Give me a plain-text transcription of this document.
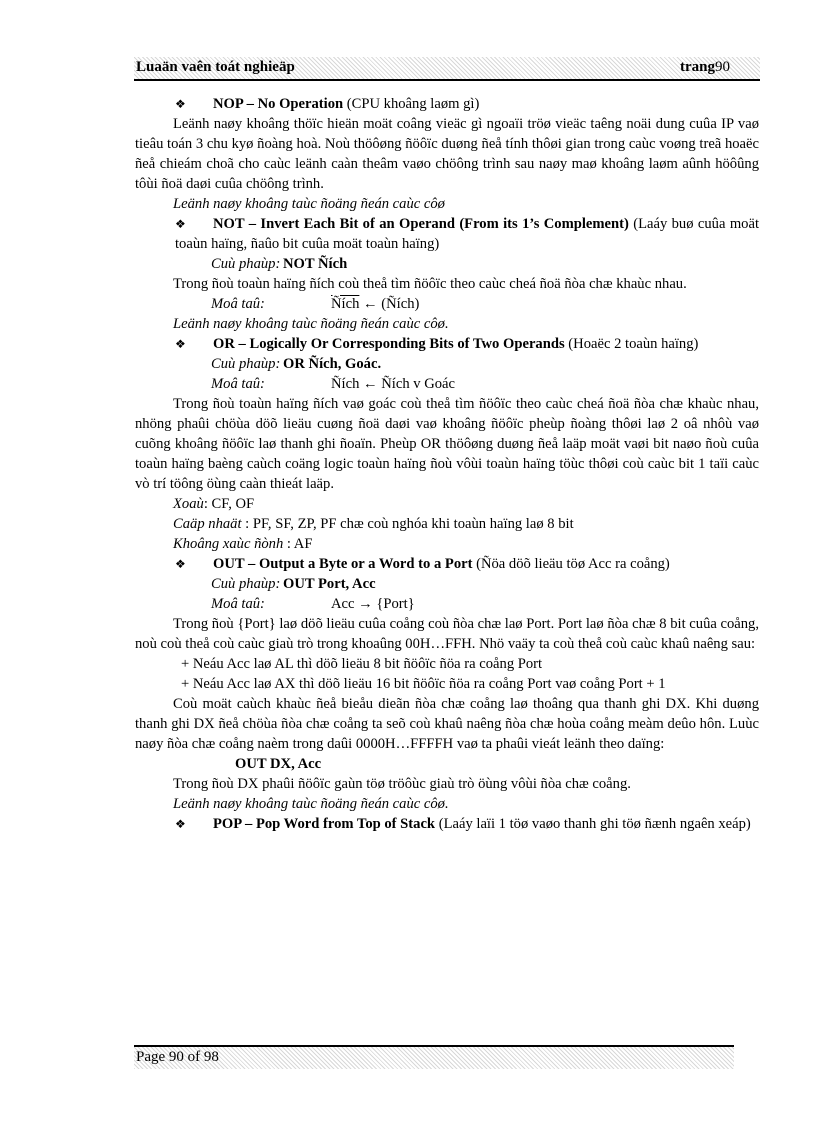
Luaän vaên toát nghieäp	trang90

❖ NOP – No Operation (CPU khoâng laøm gì)

Leänh naøy khoâng thöïc hieän moät coâng vieäc gì ngoaïi tröø vieäc taêng noäi dung cuûa IP vaø tieâu toán 3 chu kyø ñoàng hoà. Noù thöôøng ñöôïc duøng ñeå tính thôøi gian trong caùc voøng treã hoaëc ñeå chieám choã cho caùc leänh caàn theâm vaøo chöông trình sau naøy maø khoâng laøm aûnh höôûng tôùi ñoä daøi cuûa chöông trình.

Leänh naøy khoâng taùc ñoäng ñeán caùc côø

❖ NOT – Invert Each Bit of an Operand (From its 1’s Complement) (Laáy buø cuûa moät toaùn haïng, ñaûo bit cuûa moät toaùn haïng)

Cuù phaùp: NOT Ñích

Trong ñoù toaùn haïng ñích coù theå tìm ñöôïc theo caùc cheá ñoä ñòa chæ khaùc nhau.

Moâ taû:	Ñích ← (Ñích)

Leänh naøy khoâng taùc ñoäng ñeán caùc côø.

❖ OR – Logically Or Corresponding Bits of Two Operands (Hoaëc 2 toaùn haïng)

Cuù phaùp: OR Ñích, Goác.

Moâ taû:	Ñích ← Ñích v Goác

Trong ñoù toaùn haïng ñích vaø goác coù theå tìm ñöôïc theo caùc cheá ñoä ñòa chæ khaùc nhau, nhöng phaûi chöùa döõ lieäu cuøng ñoä daøi vaø khoâng ñöôïc pheùp ñoàng thôøi laø 2 oâ nhôù vaø cuõng khoâng ñöôïc laø thanh ghi ñoaïn. Pheùp OR thöôøng duøng ñeå laäp moät vaøi bit naøo ñoù cuûa toaùn haïng baèng caùch coäng logic toaùn haïng ñoù vôùi toaùn haïng töùc thôøi coù caùc bit 1 taïi caùc vò trí töông öùng caàn thieát laäp.

Xoaù: CF, OF

Caäp nhaät : PF, SF, ZP, PF chæ coù nghóa khi toaùn haïng laø 8 bit

Khoâng xaùc ñònh : AF

❖ OUT – Output a Byte or a Word to a Port (Ñöa döõ lieäu töø Acc ra coång)

Cuù phaùp: OUT Port, Acc

Moâ taû:	Acc → {Port}

Trong ñoù {Port} laø döõ lieäu cuûa coång coù ñòa chæ laø Port. Port laø ñòa chæ 8 bit cuûa coång, noù coù theå coù caùc giaù trò trong khoaûng 00H…FFH. Nhö vaäy ta coù theå coù caùc khaû naêng sau:

+ Neáu Acc laø AL thì döõ lieäu 8 bit ñöôïc ñöa ra coång Port

+ Neáu Acc laø AX thì döõ lieäu 16 bit ñöôïc ñöa ra coång Port vaø coång Port + 1

Coù moät caùch khaùc ñeå bieåu dieãn ñòa chæ coång laø thoâng qua thanh ghi DX. Khi duøng thanh ghi DX ñeå chöùa ñòa chæ coång ta seõ coù khaû naêng ñòa chæ hoùa coång meàm deûo hôn. Luùc naøy ñòa chæ coång naèm trong daûi 0000H…FFFFH vaø ta phaûi vieát leänh theo daïng:

OUT DX, Acc

Trong ñoù DX phaûi ñöôïc gaùn töø tröôùc giaù trò öùng vôùi ñòa chæ coång.

Leänh naøy khoâng taùc ñoäng ñeán caùc côø.

❖ POP – Pop Word from Top of Stack (Laáy laïi 1 töø vaøo thanh ghi töø ñænh ngaên xeáp)

Page 90 of 98
